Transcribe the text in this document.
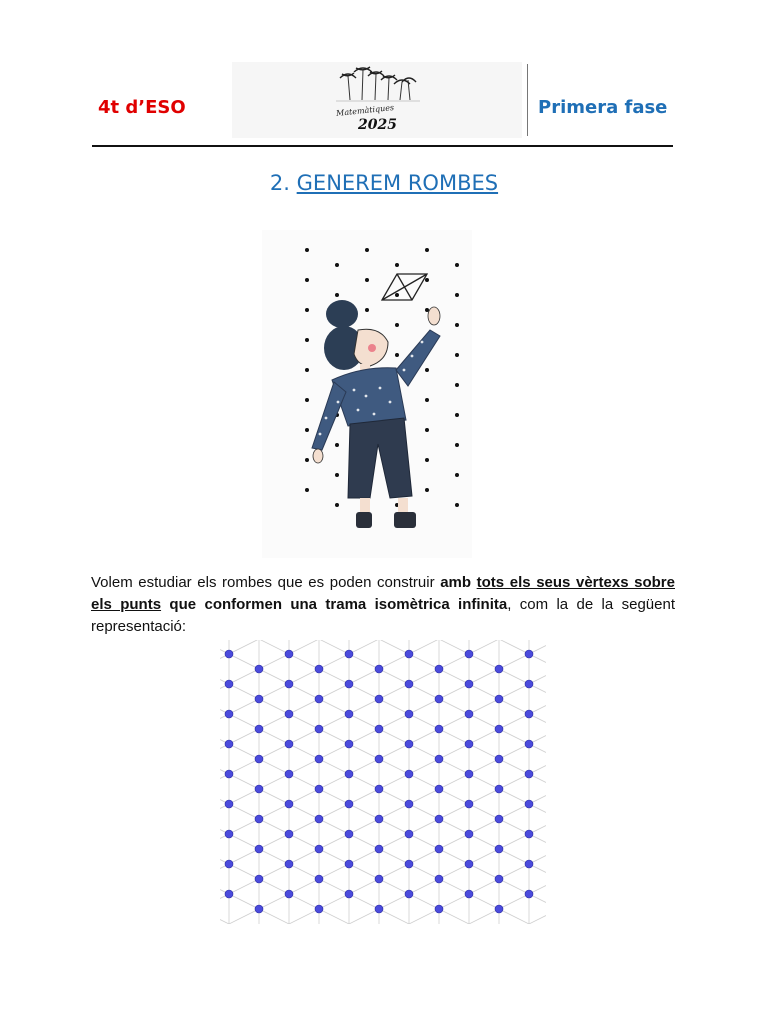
4t d’ESO	Matemàtiques
2025
Primera fase
2. GENEREM ROMBES
Volem estudiar els rombes que es poden construir amb tots els seus vèrtexs sobre els punts que conformen una trama isomètrica infinita, com la de la següent representació:
